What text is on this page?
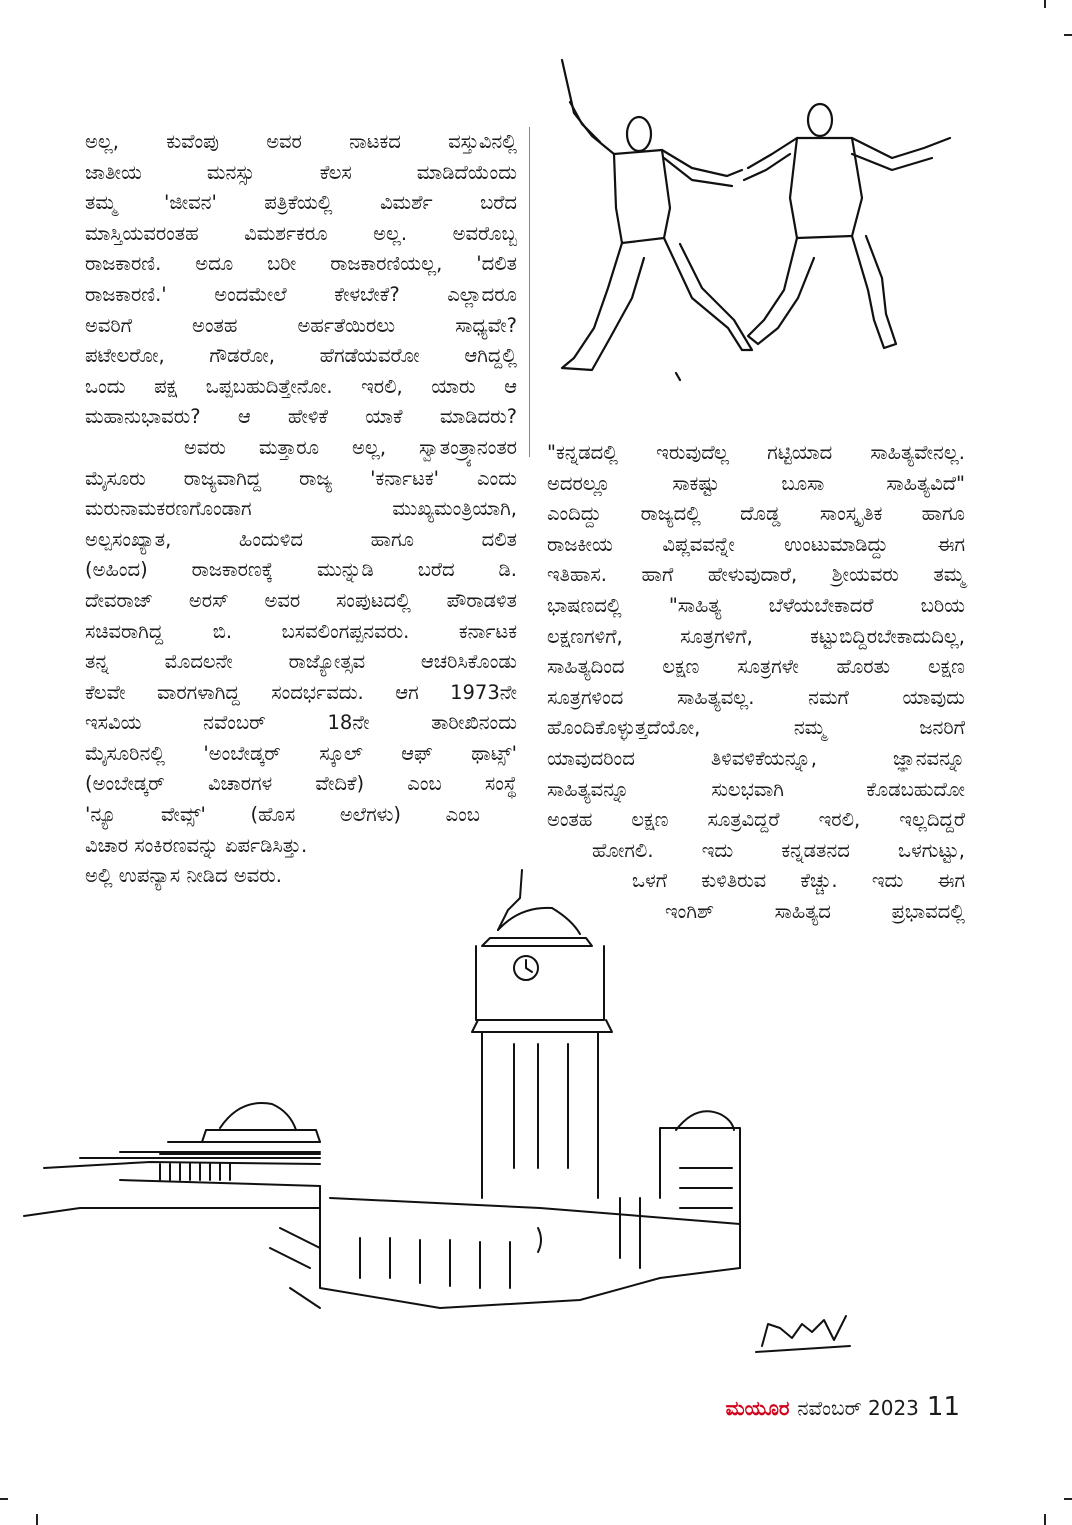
ಅಲ್ಲ, ಕುವೆಂಪು ಅವರ ನಾಟಕದ ವಸ್ತುವಿನಲ್ಲಿ
ಜಾತೀಯ ಮನಸ್ಸು ಕೆಲಸ ಮಾಡಿದೆಯೆಂದು
ತಮ್ಮ 'ಜೀವನ' ಪತ್ರಿಕೆಯಲ್ಲಿ ವಿಮರ್ಶೆ ಬರೆದ
ಮಾಸ್ತಿಯವರಂತಹ ವಿಮರ್ಶಕರೂ ಅಲ್ಲ. ಅವರೊಬ್ಬ
ರಾಜಕಾರಣಿ. ಅದೂ ಬರೀ ರಾಜಕಾರಣಿಯಲ್ಲ, 'ದಲಿತ
ರಾಜಕಾರಣಿ.' ಅಂದಮೇಲೆ ಕೇಳಬೇಕೆ? ಎಲ್ಲಾದರೂ
ಅವರಿಗೆ ಅಂತಹ ಅರ್ಹತೆಯಿರಲು ಸಾಧ್ಯವೇ?
ಪಟೇಲರೋ, ಗೌಡರೋ, ಹೆಗಡೆಯವರೋ ಆಗಿದ್ದಲ್ಲಿ
ಒಂದು ಪಕ್ಷ ಒಪ್ಪಬಹುದಿತ್ತೇನೋ. ಇರಲಿ, ಯಾರು ಆ
ಮಹಾನುಭಾವರು? ಆ ಹೇಳಿಕೆ ಯಾಕೆ ಮಾಡಿದರು?
ಅವರು ಮತ್ತಾರೂ ಅಲ್ಲ, ಸ್ವಾತಂತ್ರ್ಯಾನಂತರ
ಮೈಸೂರು ರಾಜ್ಯವಾಗಿದ್ದ ರಾಜ್ಯ 'ಕರ್ನಾಟಕ' ಎಂದು
ಮರುನಾಮಕರಣಗೊಂಡಾಗ ಮುಖ್ಯಮಂತ್ರಿಯಾಗಿ,
ಅಲ್ಪಸಂಖ್ಯಾತ, ಹಿಂದುಳಿದ ಹಾಗೂ ದಲಿತ
(ಅಹಿಂದ) ರಾಜಕಾರಣಕ್ಕೆ ಮುನ್ನುಡಿ ಬರೆದ ಡಿ.
ದೇವರಾಜ್ ಅರಸ್ ಅವರ ಸಂಪುಟದಲ್ಲಿ ಪೌರಾಡಳಿತ
ಸಚಿವರಾಗಿದ್ದ ಬಿ. ಬಸವಲಿಂಗಪ್ಪನವರು. ಕರ್ನಾಟಕ
ತನ್ನ ಮೊದಲನೇ ರಾಜ್ಯೋತ್ಸವ ಆಚರಿಸಿಕೊಂಡು
ಕೆಲವೇ ವಾರಗಳಾಗಿದ್ದ ಸಂದರ್ಭವದು. ಆಗ 1973ನೇ
ಇಸವಿಯ ನವೆಂಬರ್ 18ನೇ ತಾರೀಖಿನಂದು
ಮೈಸೂರಿನಲ್ಲಿ 'ಅಂಬೇಡ್ಕರ್ ಸ್ಕೂಲ್ ಆಫ್ ಥಾಟ್ಸ್'
(ಅಂಬೇಡ್ಕರ್ ವಿಚಾರಗಳ ವೇದಿಕೆ) ಎಂಬ ಸಂಸ್ಥೆ
'ನ್ಯೂ ವೇವ್ಸ್' (ಹೊಸ ಅಲೆಗಳು) ಎಂಬ
ವಿಚಾರ ಸಂಕಿರಣವನ್ನು ಏರ್ಪಡಿಸಿತ್ತು.
ಅಲ್ಲಿ ಉಪನ್ಯಾಸ ನೀಡಿದ ಅವರು.
"ಕನ್ನಡದಲ್ಲಿ ಇರುವುದೆಲ್ಲ ಗಟ್ಟಿಯಾದ ಸಾಹಿತ್ಯವೇನಲ್ಲ.
ಅದರಲ್ಲೂ ಸಾಕಷ್ಟು ಬೂಸಾ ಸಾಹಿತ್ಯವಿದೆ"
ಎಂದಿದ್ದು ರಾಜ್ಯದಲ್ಲಿ ದೊಡ್ಡ ಸಾಂಸ್ಕೃತಿಕ ಹಾಗೂ
ರಾಜಕೀಯ ವಿಪ್ಲವವನ್ನೇ ಉಂಟುಮಾಡಿದ್ದು ಈಗ
ಇತಿಹಾಸ. ಹಾಗೆ ಹೇಳುವುದಾರೆ, ಶ್ರೀಯವರು ತಮ್ಮ
ಭಾಷಣದಲ್ಲಿ "ಸಾಹಿತ್ಯ ಬೆಳೆಯಬೇಕಾದರೆ ಬರಿಯ
ಲಕ್ಷಣಗಳಿಗೆ, ಸೂತ್ರಗಳಿಗೆ, ಕಟ್ಟುಬಿದ್ದಿರಬೇಕಾದುದಿಲ್ಲ,
ಸಾಹಿತ್ಯದಿಂದ ಲಕ್ಷಣ ಸೂತ್ರಗಳೇ ಹೊರತು ಲಕ್ಷಣ
ಸೂತ್ರಗಳಿಂದ ಸಾಹಿತ್ಯವಲ್ಲ. ನಮಗೆ ಯಾವುದು
ಹೊಂದಿಕೊಳ್ಳುತ್ತದೆಯೋ, ನಮ್ಮ ಜನರಿಗೆ
ಯಾವುದರಿಂದ ತಿಳಿವಳಿಕೆಯನ್ನೂ, ಜ್ಞಾನವನ್ನೂ
ಸಾಹಿತ್ಯವನ್ನೂ ಸುಲಭವಾಗಿ ಕೊಡಬಹುದೋ
ಅಂತಹ ಲಕ್ಷಣ ಸೂತ್ರವಿದ್ದರೆ ಇರಲಿ, ಇಲ್ಲದಿದ್ದರೆ
ಹೋಗಲಿ. ಇದು ಕನ್ನಡತನದ ಒಳಗುಟ್ಟು,
ಒಳಗೆ ಕುಳಿತಿರುವ ಕೆಚ್ಚು. ಇದು ಈಗ
ಇಂಗಿಶ್ ಸಾಹಿತ್ಯದ ಪ್ರಭಾವದಲ್ಲಿ
ಮಯೂರ ನವೆಂಬರ್ 2023 11
